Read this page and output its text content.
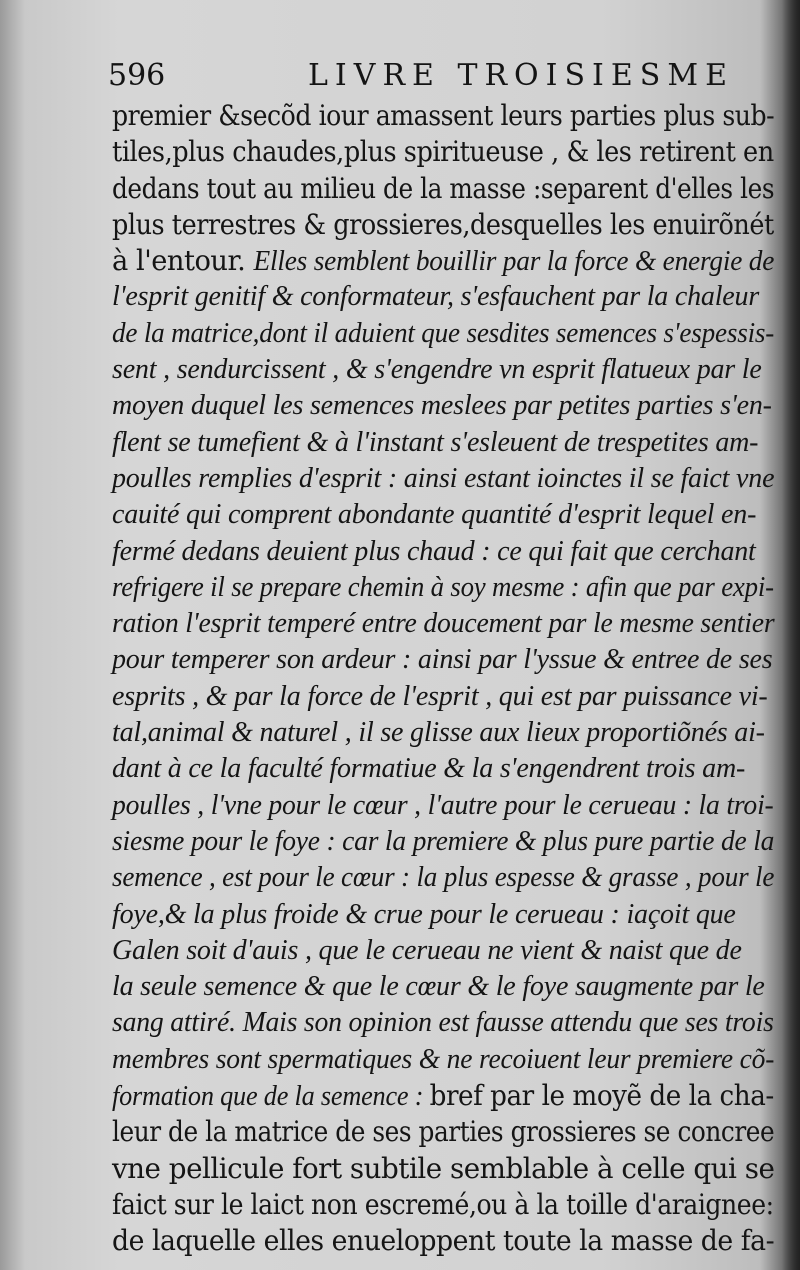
596	LIVRE TROISIESME
premier &secõd iour amassent leurs parties plus sub-
tiles,plus chaudes,plus spiritueuse , & les retirent en
dedans tout au milieu de la masse :separent d'elles les
plus terrestres & grossieres,desquelles les enuirõnét
à l'entour. Elles semblent bouillir par la force & energie de
l'esprit genitif & conformateur, s'esfauchent par la chaleur
de la matrice,dont il aduient que sesdites semences s'espessis-
sent , sendurcissent , & s'engendre vn esprit flatueux par le
moyen duquel les semences meslees par petites parties s'en-
flent se tumefient & à l'instant s'esleuent de trespetites am-
poulles remplies d'esprit : ainsi estant ioinctes il se faict vne
cauité qui comprent abondante quantité d'esprit lequel en-
fermé dedans deuient plus chaud : ce qui fait que cerchant
refrigere il se prepare chemin à soy mesme : afin que par expi-
ration l'esprit temperé entre doucement par le mesme sentier
pour temperer son ardeur : ainsi par l'yssue & entree de ses
esprits , & par la force de l'esprit , qui est par puissance vi-
tal,animal & naturel , il se glisse aux lieux proportiõnés ai-
dant à ce la faculté formatiue & la s'engendrent trois am-
poulles , l'vne pour le cœur , l'autre pour le cerueau : la troi-
siesme pour le foye : car la premiere & plus pure partie de la
semence , est pour le cœur : la plus espesse & grasse , pour le
foye,& la plus froide & crue pour le cerueau : iaçoit que
Galen soit d'auis , que le cerueau ne vient & naist que de
la seule semence & que le cœur & le foye saugmente par le
sang attiré. Mais son opinion est fausse attendu que ses trois
membres sont spermatiques & ne recoiuent leur premiere cõ-
formation que de la semence : bref par le moyẽ de la cha-
leur de la matrice de ses parties grossieres se concree
vne pellicule fort subtile semblable à celle qui se
faict sur le laict non escremé,ou à la toille d'araignee:
de laquelle elles enueloppent toute la masse de fa-
